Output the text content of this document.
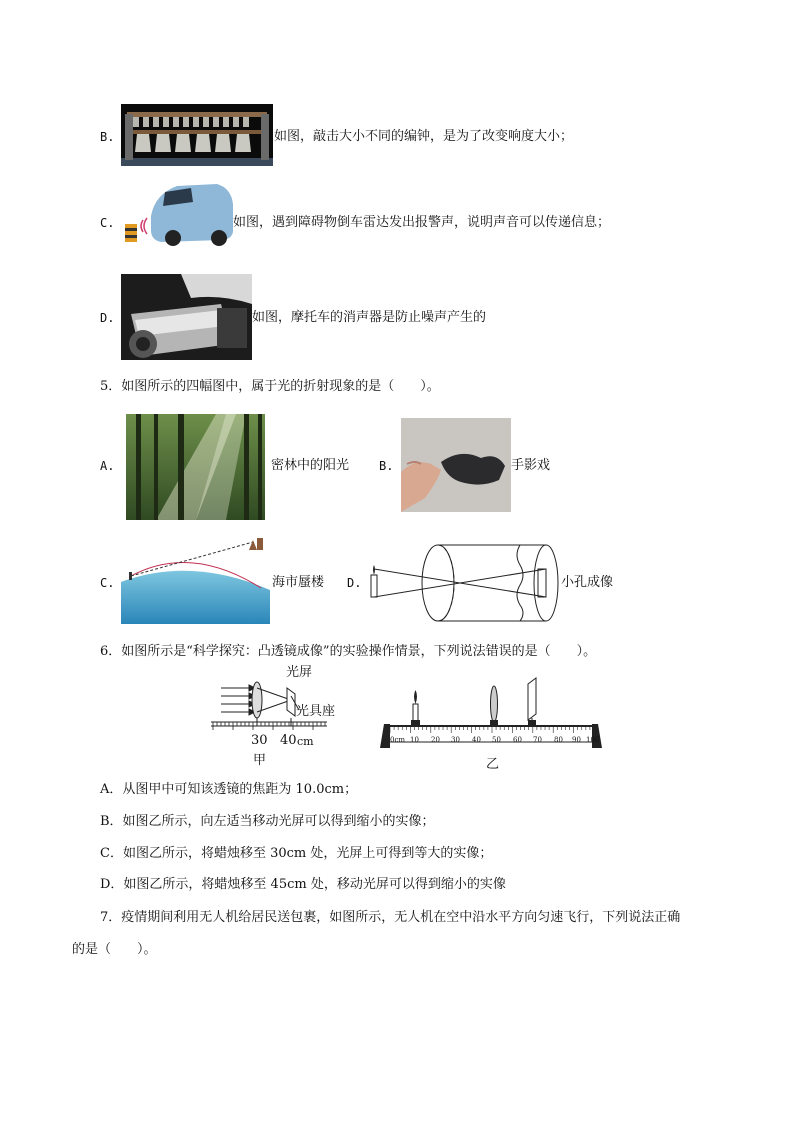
B.	如图，敲击大小不同的编钟，是为了改变响度大小；
C.	如图，遇到障碍物倒车雷达发出报警声，说明声音可以传递信息；
D.	如图，摩托车的消声器是防止噪声产生的
5．如图所示的四幅图中，属于光的折射现象的是（　　）。
A.	密林中的阳光 B.	手影戏
C.	海市蜃楼 D.	小孔成像
6．如图所示是“科学探究：凸透镜成像”的实验操作情景，下列说法错误的是（　　）。
光屏
光具座
30 40 cm
甲
0cm 10 20 30 40 50 60 70 80 90 100
乙
A．从图甲中可知该透镜的焦距为 10.0cm；
B．如图乙所示，向左适当移动光屏可以得到缩小的实像；
C．如图乙所示，将蜡烛移至 30cm 处，光屏上可得到等大的实像；
D．如图乙所示，将蜡烛移至 45cm 处，移动光屏可以得到缩小的实像
7．疫情期间利用无人机给居民送包裹，如图所示，无人机在空中沿水平方向匀速飞行，下列说法正确
的是（　　）。
